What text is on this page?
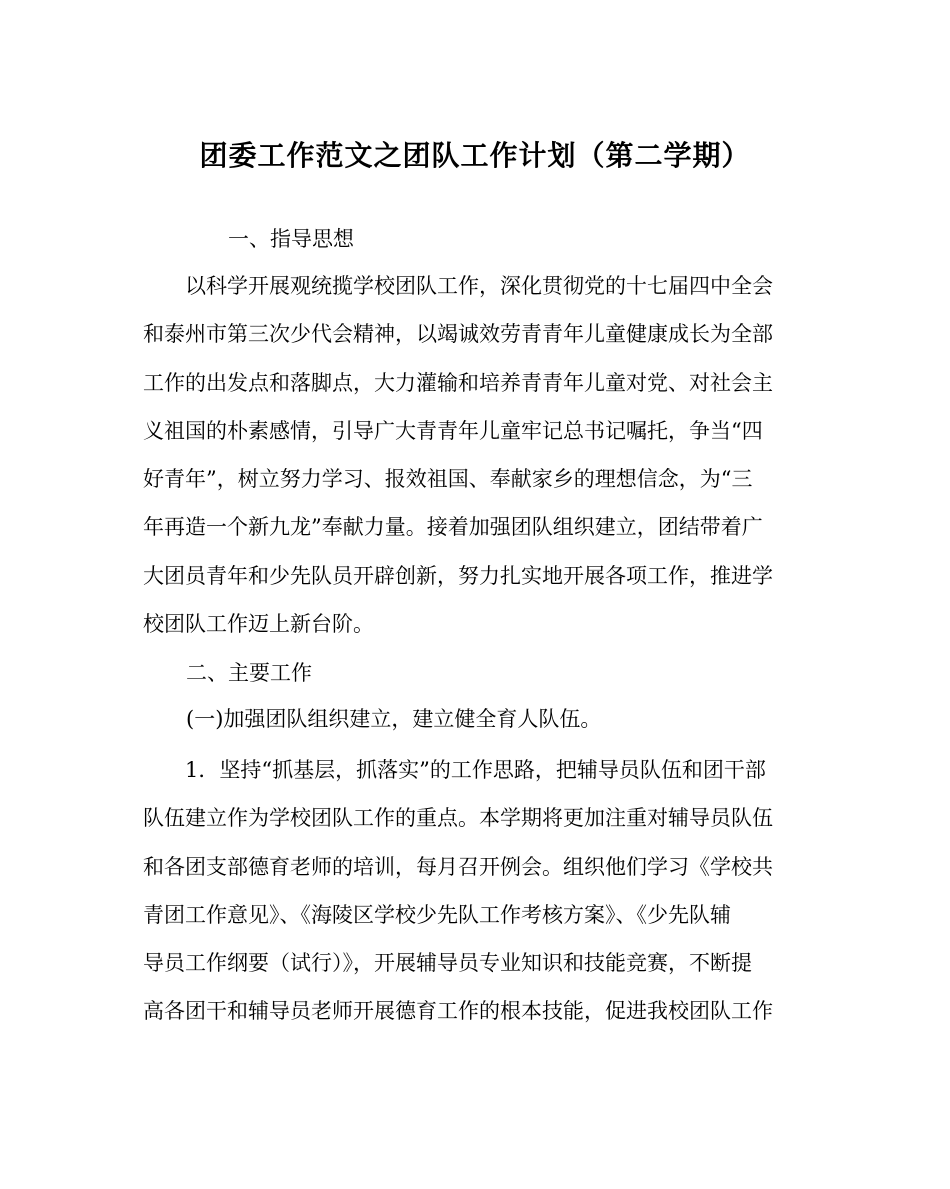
团委工作范文之团队工作计划（第二学期）
一、指导思想
以科学开展观统揽学校团队工作，深化贯彻党的十七届四中全会
和泰州市第三次少代会精神，以竭诚效劳青青年儿童健康成长为全部
工作的出发点和落脚点，大力灌输和培养青青年儿童对党、对社会主
义祖国的朴素感情，引导广大青青年儿童牢记总书记嘱托，争当“四
好青年”，树立努力学习、报效祖国、奉献家乡的理想信念，为“三
年再造一个新九龙”奉献力量。接着加强团队组织建立，团结带着广
大团员青年和少先队员开辟创新，努力扎实地开展各项工作，推进学
校团队工作迈上新台阶。
二、主要工作
(一)加强团队组织建立，建立健全育人队伍。
1．坚持“抓基层，抓落实”的工作思路，把辅导员队伍和团干部
队伍建立作为学校团队工作的重点。本学期将更加注重对辅导员队伍
和各团支部德育老师的培训，每月召开例会。组织他们学习《学校共
青团工作意见》、《海陵区学校少先队工作考核方案》、《少先队辅
导员工作纲要（试行）》，开展辅导员专业知识和技能竞赛，不断提
高各团干和辅导员老师开展德育工作的根本技能，促进我校团队工作
